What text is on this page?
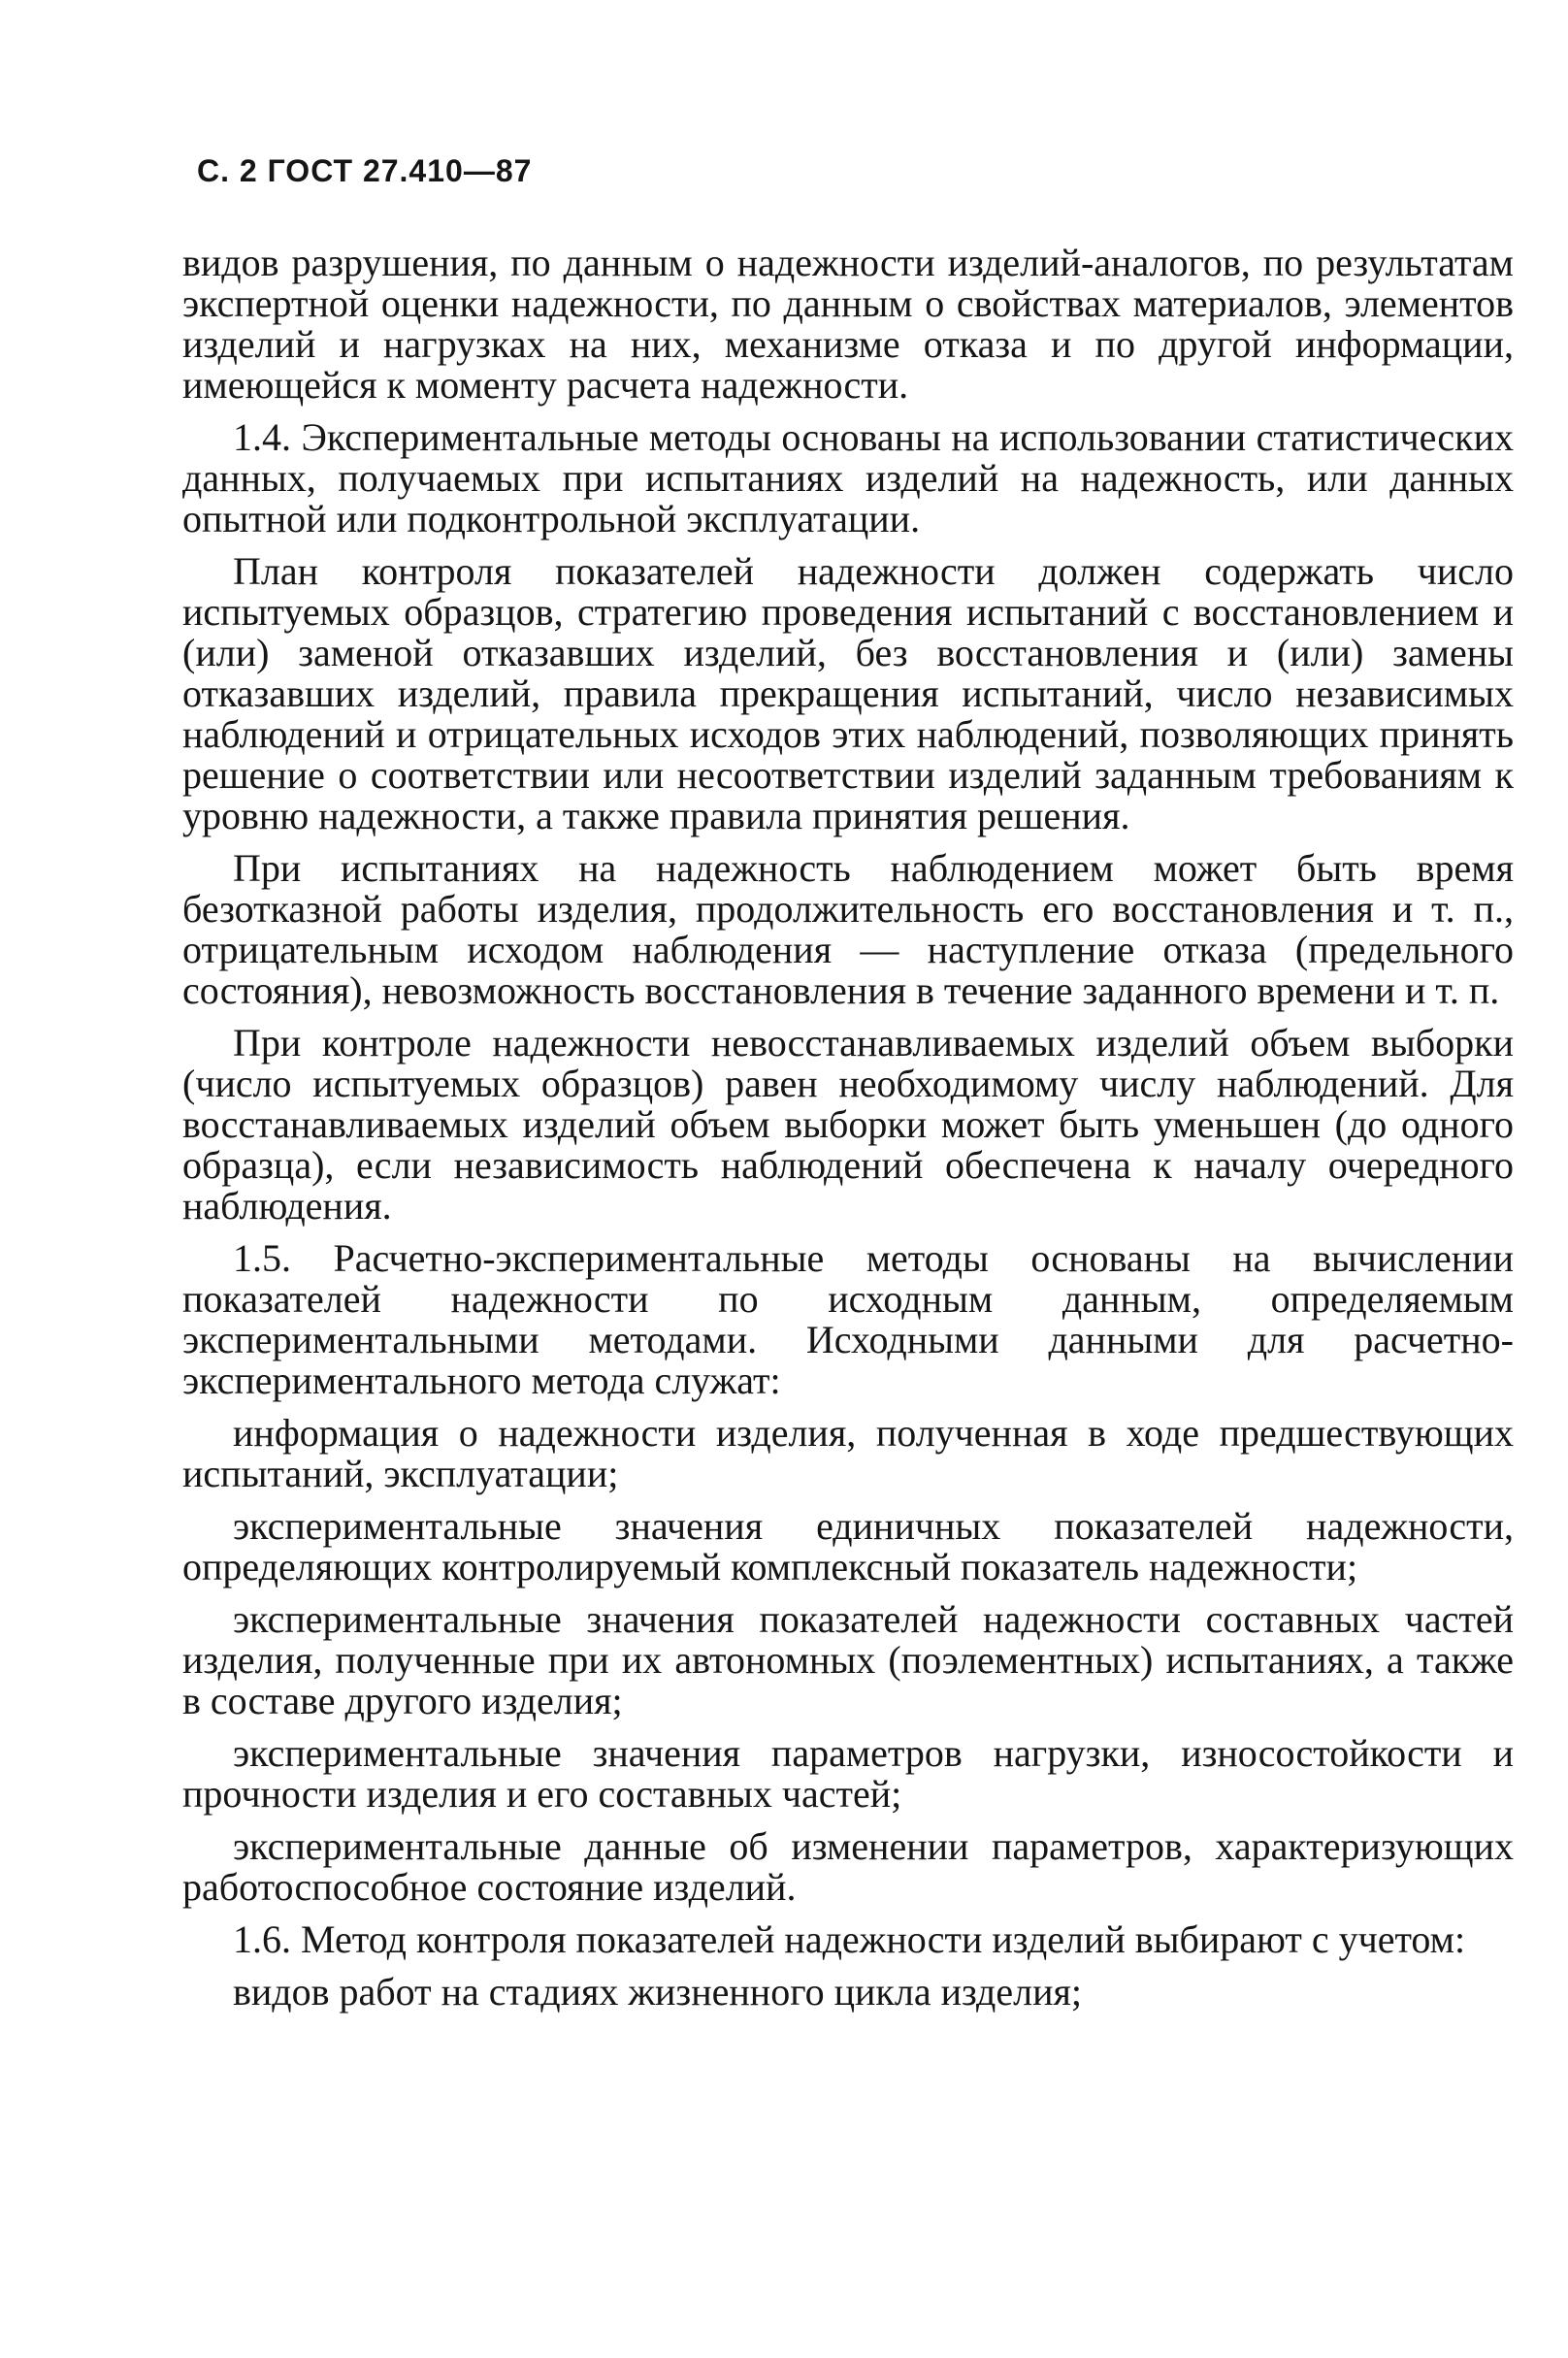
С. 2 ГОСТ 27.410—87

видов разрушения, по данным о надежности изделий-аналогов, по результатам экспертной оценки надежности, по данным о свойствах материалов, элементов изделий и нагрузках на них, механизме отказа и по другой информации, имеющейся к моменту расчета надежности.

1.4. Экспериментальные методы основаны на использовании статистических данных, получаемых при испытаниях изделий на надежность, или данных опытной или подконтрольной эксплуатации.

План контроля показателей надежности должен содержать число испытуемых образцов, стратегию проведения испытаний с восстановлением и (или) заменой отказавших изделий, без восстановления и (или) замены отказавших изделий, правила прекращения испытаний, число независимых наблюдений и отрицательных исходов этих наблюдений, позволяющих принять решение о соответствии или несоответствии изделий заданным требованиям к уровню надежности, а также правила принятия решения.

При испытаниях на надежность наблюдением может быть время безотказной работы изделия, продолжительность его восстановления и т. п., отрицательным исходом наблюдения — наступление отказа (предельного состояния), невозможность восстановления в течение заданного времени и т. п.

При контроле надежности невосстанавливаемых изделий объем выборки (число испытуемых образцов) равен необходимому числу наблюдений. Для восстанавливаемых изделий объем выборки может быть уменьшен (до одного образца), если независимость наблюдений обеспечена к началу очередного наблюдения.

1.5. Расчетно-экспериментальные методы основаны на вычислении показателей надежности по исходным данным, определяемым экспериментальными методами. Исходными данными для расчетно-экспериментального метода служат:

информация о надежности изделия, полученная в ходе предшествующих испытаний, эксплуатации;

экспериментальные значения единичных показателей надежности, определяющих контролируемый комплексный показатель надежности;

экспериментальные значения показателей надежности составных частей изделия, полученные при их автономных (поэлементных) испытаниях, а также в составе другого изделия;

экспериментальные значения параметров нагрузки, износостойкости и прочности изделия и его составных частей;

экспериментальные данные об изменении параметров, характеризующих работоспособное состояние изделий.

1.6. Метод контроля показателей надежности изделий выбирают с учетом:

видов работ на стадиях жизненного цикла изделия;
